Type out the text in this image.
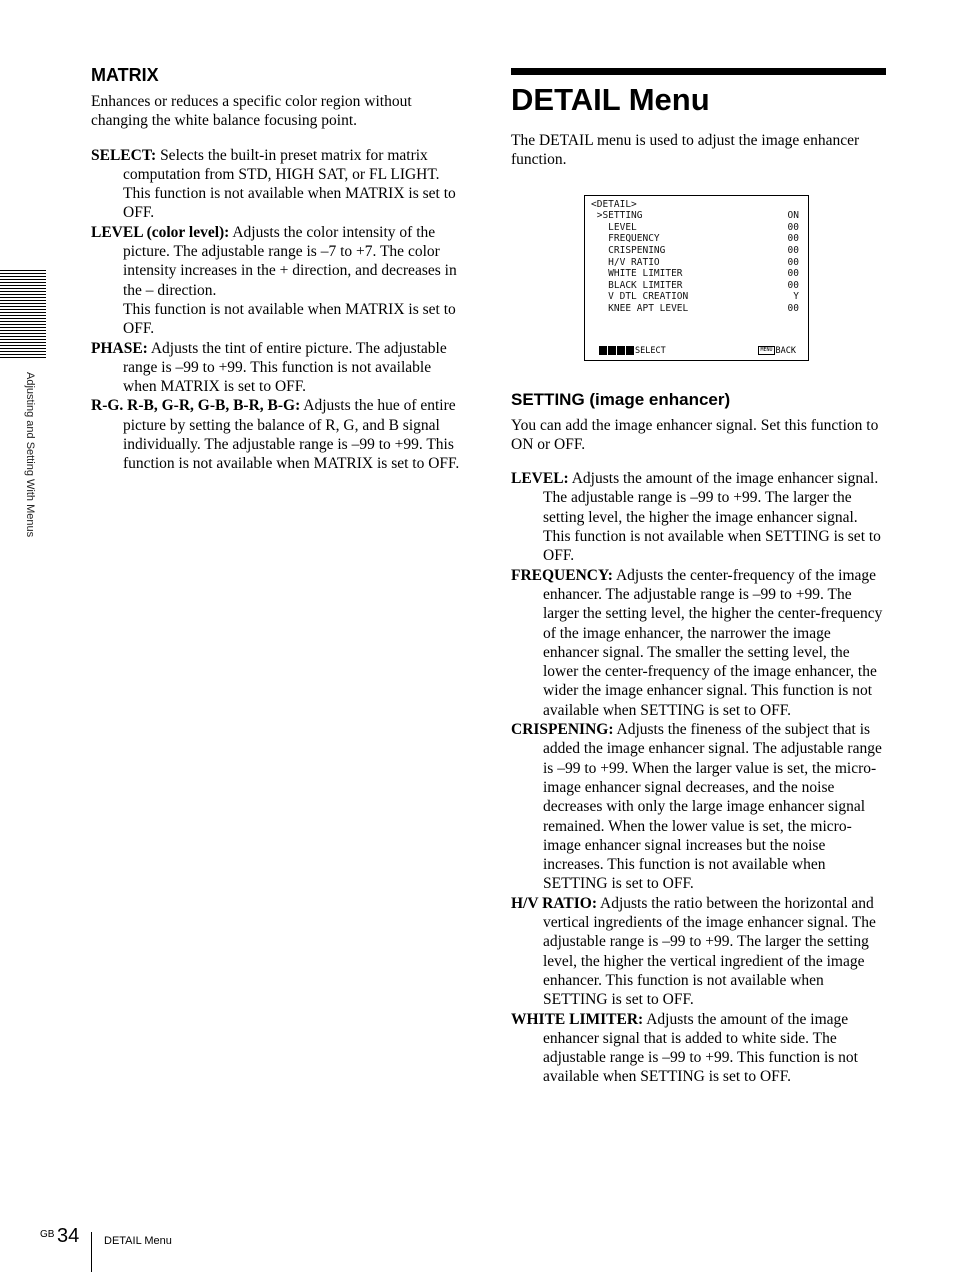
Adjusting and Setting With Menus
MATRIX

Enhances or reduces a specific color region without changing the white balance focusing point.

SELECT: Selects the built-in preset matrix for matrix computation from STD, HIGH SAT, or FL LIGHT. This function is not available when MATRIX is set to OFF.

LEVEL (color level): Adjusts the color intensity of the picture. The adjustable range is –7 to +7. The color intensity increases in the + direction, and decreases in the – direction.
This function is not available when MATRIX is set to OFF.

PHASE: Adjusts the tint of entire picture. The adjustable range is –99 to +99. This function is not available when MATRIX is set to OFF.

R-G. R-B, G-R, G-B, B-R, B-G: Adjusts the hue of entire picture by setting the balance of R, G, and B signal individually. The adjustable range is –99 to +99. This function is not available when MATRIX is set to OFF.

DETAIL Menu

The DETAIL menu is used to adjust the image enhancer function.

<DETAIL>
>SETTING	ON
LEVEL	00
FREQUENCY	00
CRISPENING	00
H/V RATIO	00
WHITE LIMITER	00
BLACK LIMITER	00
V DTL CREATION	Y
KNEE APT LEVEL	00
SELECT	MENU BACK
SETTING (image enhancer)

You can add the image enhancer signal. Set this function to ON or OFF.

LEVEL: Adjusts the amount of the image enhancer signal. The adjustable range is –99 to +99. The larger the setting level, the higher the image enhancer signal. This function is not available when SETTING is set to OFF.

FREQUENCY: Adjusts the center-frequency of the image enhancer. The adjustable range is –99 to +99. The larger the setting level, the higher the center-frequency of the image enhancer, the narrower the image enhancer signal. The smaller the setting level, the lower the center-frequency of the image enhancer, the wider the image enhancer signal. This function is not available when SETTING is set to OFF.

CRISPENING: Adjusts the fineness of the subject that is added the image enhancer signal. The adjustable range is –99 to +99. When the larger value is set, the micro-image enhancer signal decreases, and the noise decreases with only the large image enhancer signal remained. When the lower value is set, the micro-image enhancer signal increases but the noise increases. This function is not available when SETTING is set to OFF.

H/V RATIO: Adjusts the ratio between the horizontal and vertical ingredients of the image enhancer signal. The adjustable range is –99 to +99. The larger the setting level, the higher the vertical ingredient of the image enhancer. This function is not available when SETTING is set to OFF.

WHITE LIMITER: Adjusts the amount of the image enhancer signal that is added to white side. The adjustable range is –99 to +99. This function is not available when SETTING is set to OFF.

GB 34 DETAIL Menu
